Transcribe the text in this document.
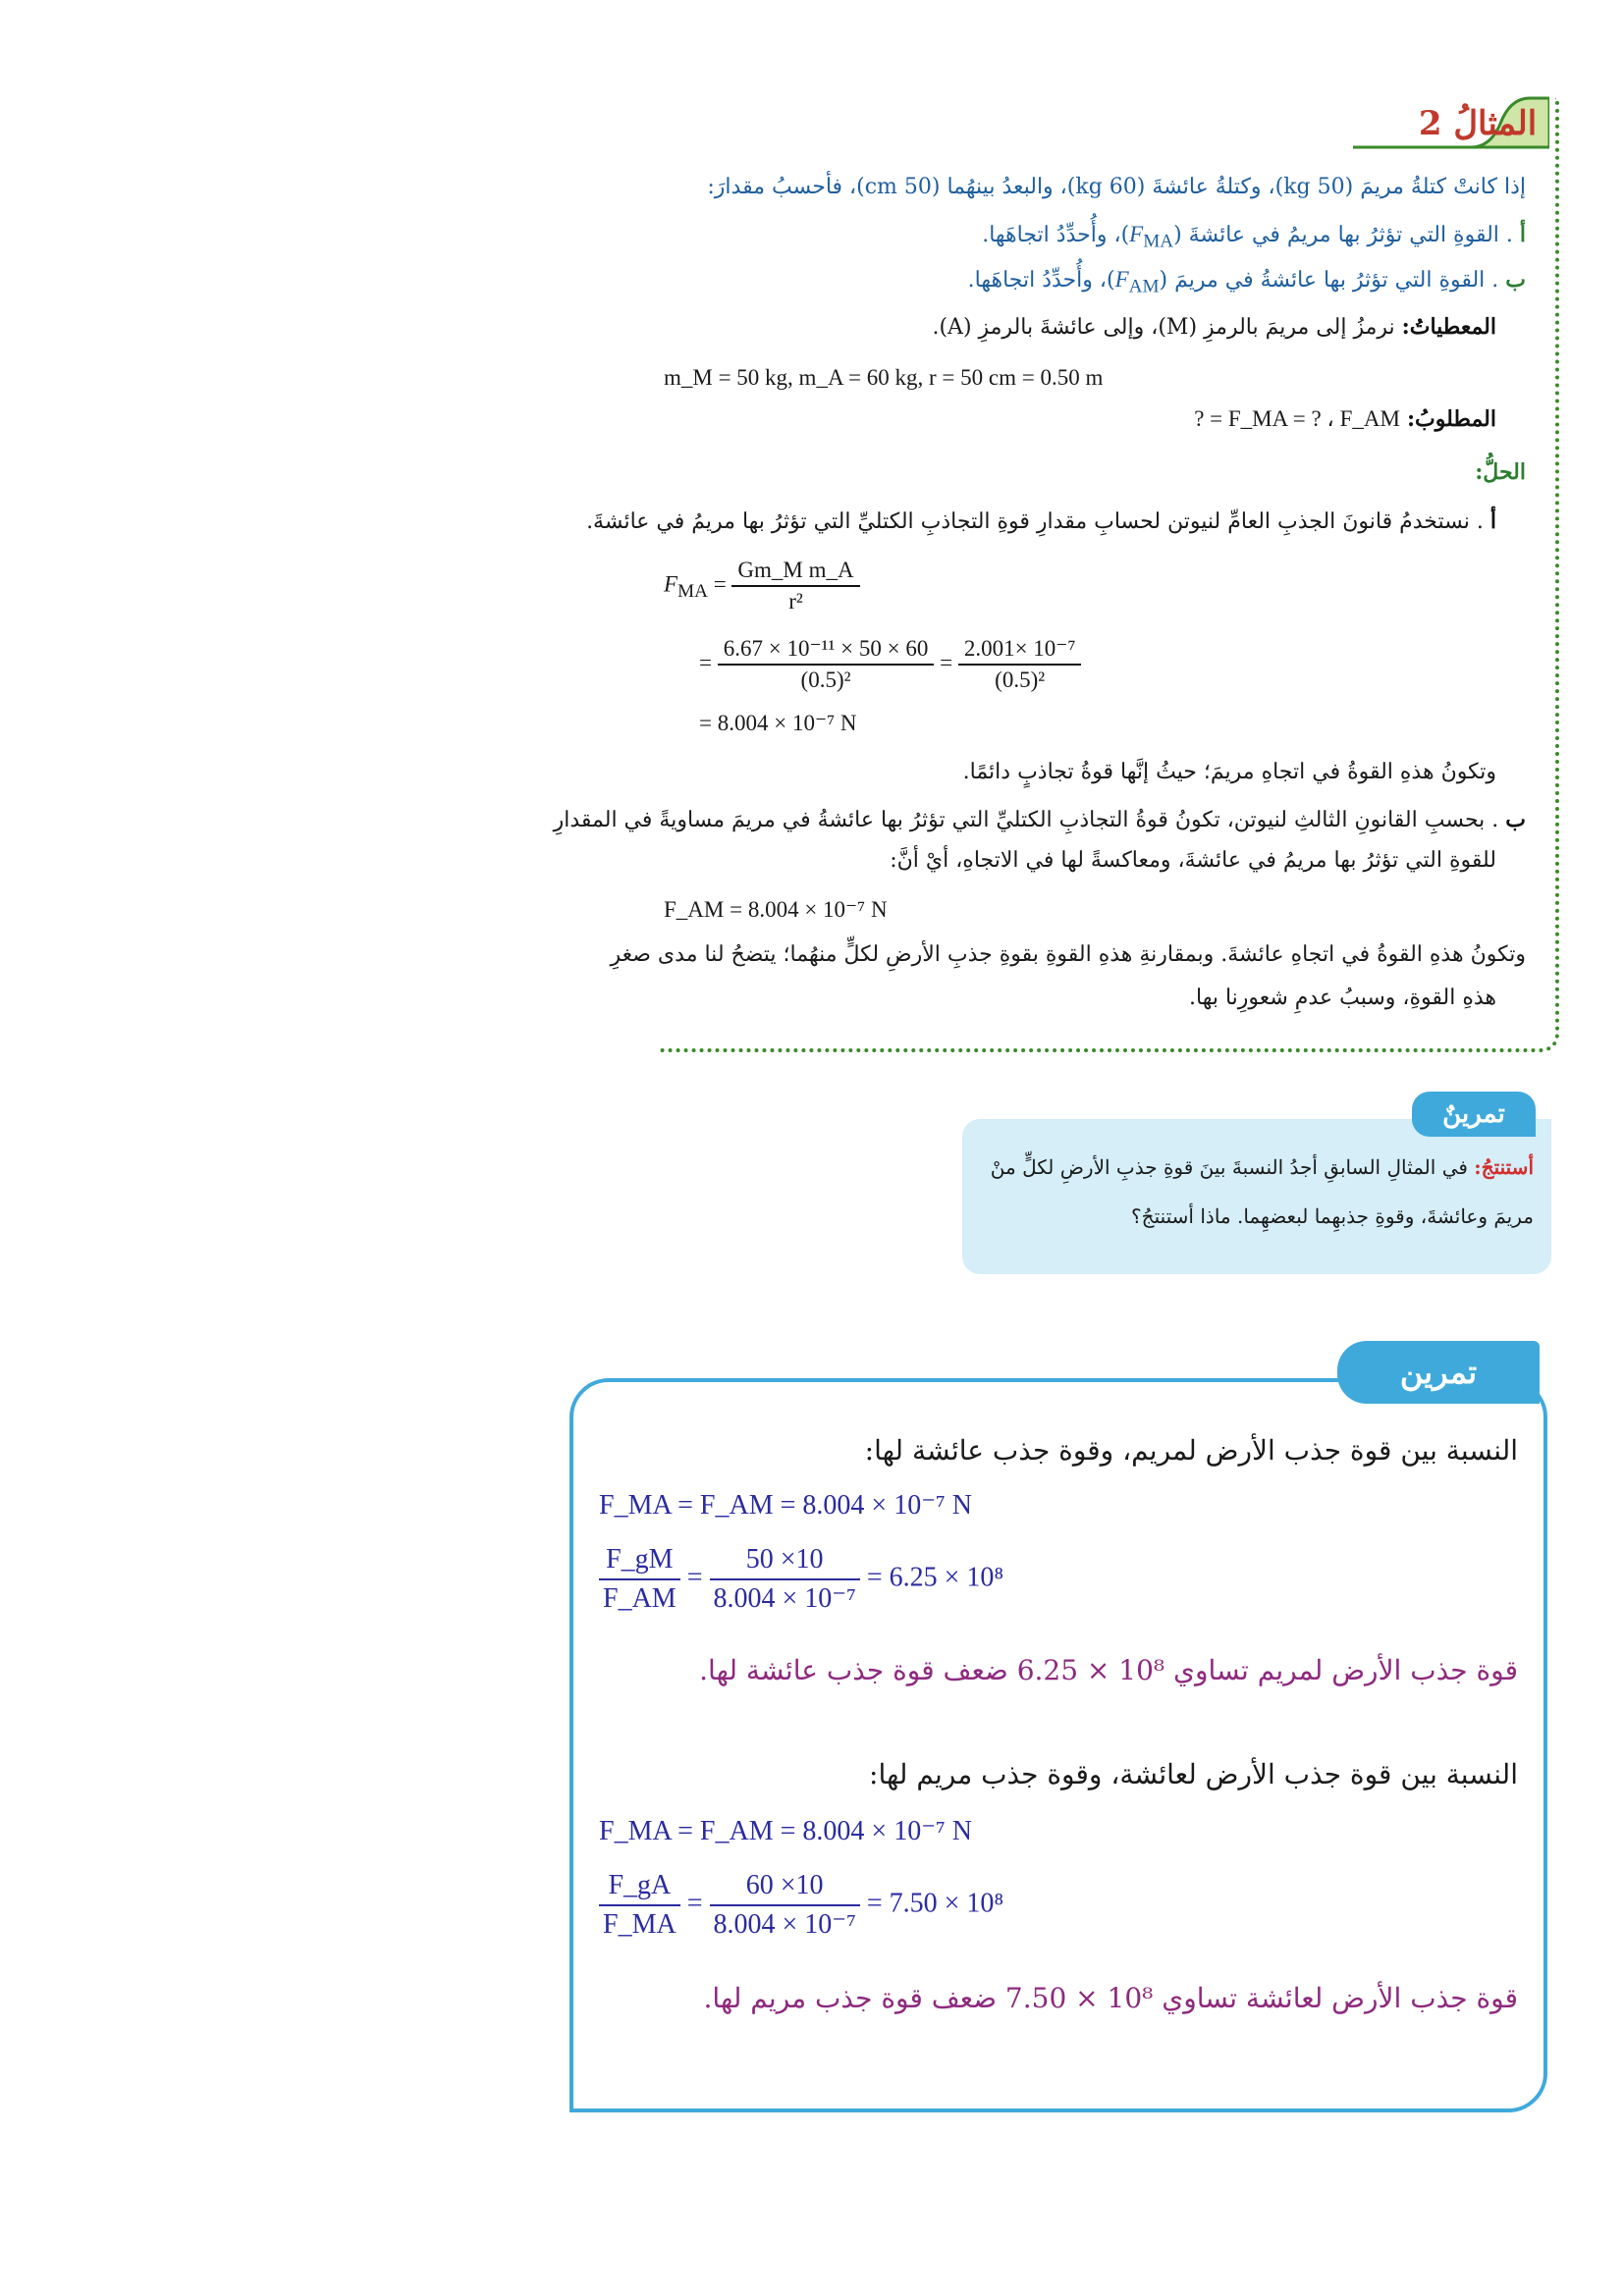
المثالُ 2
إذا كانتْ كتلةُ مريمَ (50 kg)، وكتلةُ عائشةَ (60 kg)، والبعدُ بينهُما (50 cm)، فأحسبُ مقدارَ:
أ . القوةِ التي تؤثرُ بها مريمُ في عائشةَ $(F_{MA})،$ وأُحدِّدُ اتجاهَها.
ب . القوةِ التي تؤثرُ بها عائشةُ في مريمَ $(F_{AM})،$ وأُحدِّدُ اتجاهَها.
المعطياتُ: نرمزُ إلى مريمَ بالرمزِ (M)، وإلى عائشةَ بالرمزِ (A).
m_M = 50 kg, m_A = 60 kg, r = 50 cm = 0.50 m
المطلوبُ: F_MA = ? ، F_AM = ?
الحلُّ:
أ . نستخدمُ قانونَ الجذبِ العامِّ لنيوتن لحسابِ مقدارِ قوةِ التجاذبِ الكتليِّ التي تؤثرُ بها مريمُ في عائشةَ.
$F_{MA} = \frac{\text{Gm\_M m\_A}}{\text{r²}}$
= $\frac{\text{6.67 × 10⁻¹¹ × 50 × 60}}{\text{(0.5)²}} = \frac{\text{2.001× 10⁻⁷}}{\text{(0.5)²}}$
= 8.004 × 10⁻⁷ N
وتكونُ هذهِ القوةُ في اتجاهِ مريمَ؛ حيثُ إنَّها قوةُ تجاذبٍ دائمًا.
ب . بحسبِ القانونِ الثالثِ لنيوتن، تكونُ قوةُ التجاذبِ الكتليِّ التي تؤثرُ بها عائشةُ في مريمَ مساويةً في المقدارِ
للقوةِ التي تؤثرُ بها مريمُ في عائشةَ، ومعاكسةً لها في الاتجاهِ، أيْ أنَّ:
F_AM = 8.004 × 10⁻⁷ N
وتكونُ هذهِ القوةُ في اتجاهِ عائشةَ. وبمقارنةِ هذهِ القوةِ بقوةِ جذبِ الأرضِ لكلٍّ منهُما؛ يتضحُ لنا مدى صغرِ
هذهِ القوةِ، وسببُ عدمِ شعورِنا بها.
تمرينٌ
أستنتجُ: في المثالِ السابقِ أجدُ النسبةَ بينَ قوةِ جذبِ الأرضِ لكلٍّ منْ
مريمَ وعائشةَ، وقوةِ جذبهِما لبعضهِما. ماذا أستنتجُ؟
تمرين
النسبة بين قوة جذب الأرض لمريم، وقوة جذب عائشة لها:
F_MA = F_AM = 8.004 × 10⁻⁷ N
$\frac{F\_gM}{F\_AM} = \frac{50 \times 10}{\text{8.004 × 10⁻⁷}} = 6.25 \times 10^8$
قوة جذب الأرض لمريم تساوي 10⁸ × 6.25 ضعف قوة جذب عائشة لها.
النسبة بين قوة جذب الأرض لعائشة، وقوة جذب مريم لها:
F_MA = F_AM = 8.004 × 10⁻⁷ N
$\frac{F\_gA}{F\_MA} = \frac{60 \times 10}{\text{8.004 × 10⁻⁷}} = 7.50 \times 10^8$
قوة جذب الأرض لعائشة تساوي 10⁸ × 7.50 ضعف قوة جذب مريم لها.
